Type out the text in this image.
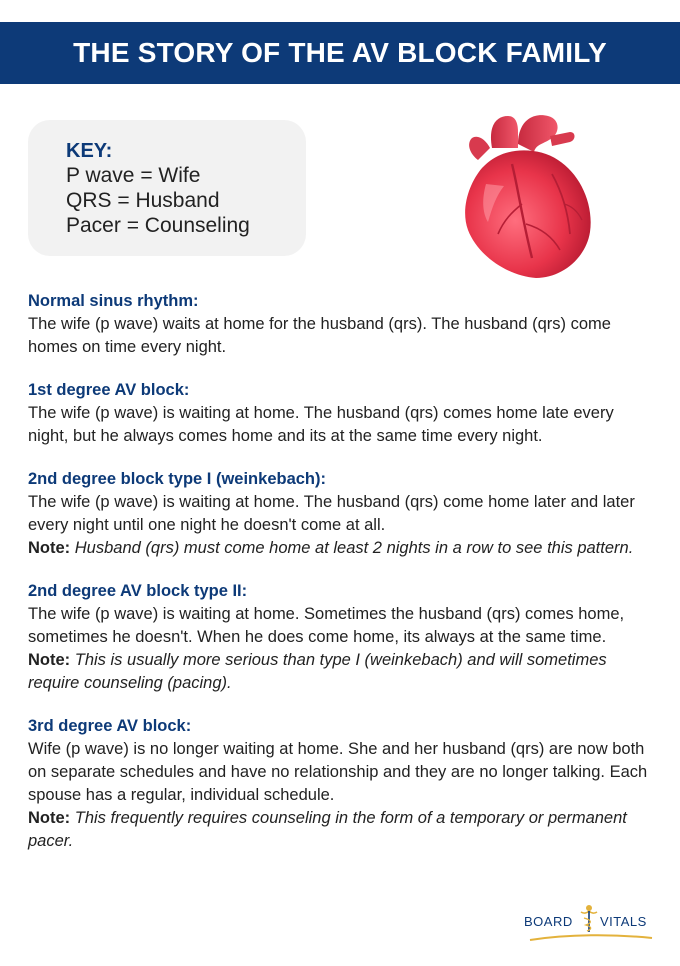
THE STORY OF THE AV BLOCK FAMILY
KEY:
P wave = Wife
QRS = Husband
Pacer = Counseling

Normal sinus rhythm:

The wife (p wave) waits at home for the husband (qrs). The husband (qrs) come homes on time every night.

1st degree AV block:

The wife (p wave) is waiting at home. The husband (qrs) comes home late every night, but he always comes home and its at the same time every night.

2nd degree block type I (weinkebach):

The wife (p wave) is waiting at home. The husband (qrs) come home later and later every night until one night he doesn't come at all.

Note: Husband (qrs) must come home at least 2 nights in a row to see this pattern.

2nd degree AV block type II:

The wife (p wave) is waiting at home. Sometimes the husband (qrs) comes home, sometimes he doesn't. When he does come home, its always at the same time.

Note: This is usually more serious than type I (weinkebach) and will sometimes require counseling (pacing).

3rd degree AV block:

Wife (p wave) is no longer waiting at home. She and her husband (qrs) are now both on separate schedules and have no relationship and they are no longer talking. Each spouse has a regular, individual schedule.

Note: This frequently requires counseling in the form of a temporary or permanent pacer.

BOARD VITALS
